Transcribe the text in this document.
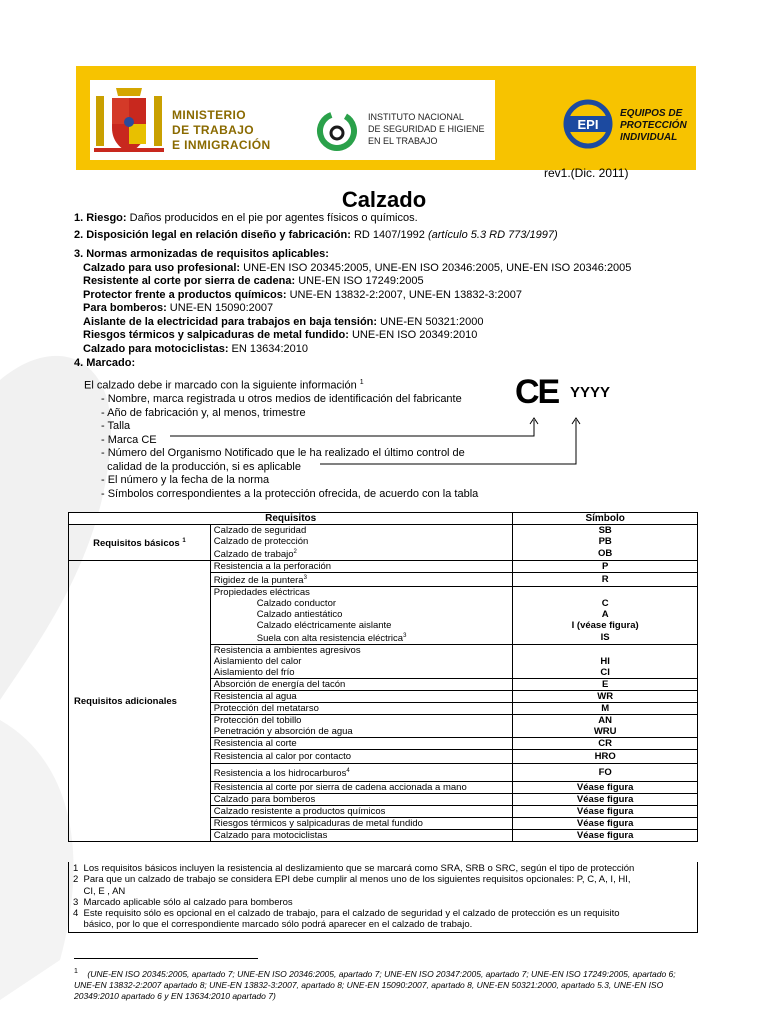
MINISTERIO
DE TRABAJO
E INMIGRACIÓN
INSTITUTO NACIONAL
DE SEGURIDAD E HIGIENE
EN EL TRABAJO
EPI
EQUIPOS DE
PROTECCIÓN
INDIVIDUAL
rev1.(Dic. 2011)
Calzado
1. Riesgo: Daños producidos en el pie por agentes físicos o químicos.
2. Disposición legal en relación diseño y fabricación: RD 1407/1992 (artículo 5.3 RD 773/1997)
3. Normas armonizadas de requisitos aplicables:
Calzado para uso profesional: UNE-EN ISO 20345:2005, UNE-EN ISO 20346:2005, UNE-EN ISO 20346:2005
Resistente al corte por sierra de cadena: UNE-EN ISO 17249:2005
Protector frente a productos químicos: UNE-EN 13832-2:2007, UNE-EN 13832-3:2007
Para bomberos: UNE-EN 15090:2007
Aislante de la electricidad para trabajos en baja tensión: UNE-EN 50321:2000
Riesgos térmicos y salpicaduras de metal fundido: UNE-EN ISO 20349:2010
Calzado para motociclistas: EN 13634:2010
4. Marcado:
El calzado debe ir marcado con la siguiente información $^1$
- Nombre, marca registrada u otros medios de identificación del fabricante
- Año de fabricación y, al menos, trimestre
- Talla
- Marca CE
- Número del Organismo Notificado que le ha realizado el último control de
calidad de la producción, si es aplicable
- El número y la fecha de la norma
- Símbolos correspondientes a la protección ofrecida, de acuerdo con la tabla
CE YYYY
Requisitos		Símbolo
Requisitos básicos $^1$	Calzado de seguridad	SB
	Calzado de protección	PB
	Calzado de trabajo$^2$	OB
Requisitos adicionales	Resistencia a la perforación	P
	Rigidez de la puntera$^3$	R
	Propiedades eléctricas	
	Calzado conductor	C
	Calzado antiestático	A
	Calzado eléctricamente aislante	I (véase figura)
	Suela con alta resistencia eléctrica$^3$	IS
	Resistencia a ambientes agresivos	
	Aislamiento del calor	HI
	Aislamiento del frío	CI
	Absorción de energía del tacón	E
	Resistencia al agua	WR
	Protección del metatarso	M
	Protección del tobillo	AN
	Penetración y absorción de agua	WRU
	Resistencia al corte	CR
	Resistencia al calor por contacto	HRO
	Resistencia a los hidrocarburos$^4$	FO
	Resistencia al corte por sierra de cadena accionada a mano	Véase figura
	Calzado para bomberos	Véase figura
	Calzado resistente a productos químicos	Véase figura
	Riesgos térmicos y salpicaduras de metal fundido	Véase figura
	Calzado para motociclistas	Véase figura
1  Los requisitos básicos incluyen la resistencia al deslizamiento que se marcará como SRA, SRB o SRC, según el tipo de protección
2  Para que un calzado de trabajo se considera EPI debe cumplir al menos uno de los siguientes requisitos opcionales: P, C, A, I, HI,
CI, E , AN
3  Marcado aplicable sólo al calzado para bomberos
4  Este requisito sólo es opcional en el calzado de trabajo, para el calzado de seguridad y el calzado de protección es un requisito
básico, por lo que el correspondiente marcado sólo podrá aparecer en el calzado de trabajo.
$^1$ (UNE-EN ISO 20345:2005, apartado 7; UNE-EN ISO 20346:2005, apartado 7; UNE-EN ISO 20347:2005, apartado 7; UNE-EN ISO 17249:2005, apartado 6; UNE-EN 13832-2:2007 apartado 8; UNE-EN 13832-3:2007, apartado 8; UNE-EN 15090:2007, apartado 8, UNE-EN 50321:2000, apartado 5.3, UNE-EN ISO 20349:2010 apartado 6 y EN 13634:2010 apartado 7)
